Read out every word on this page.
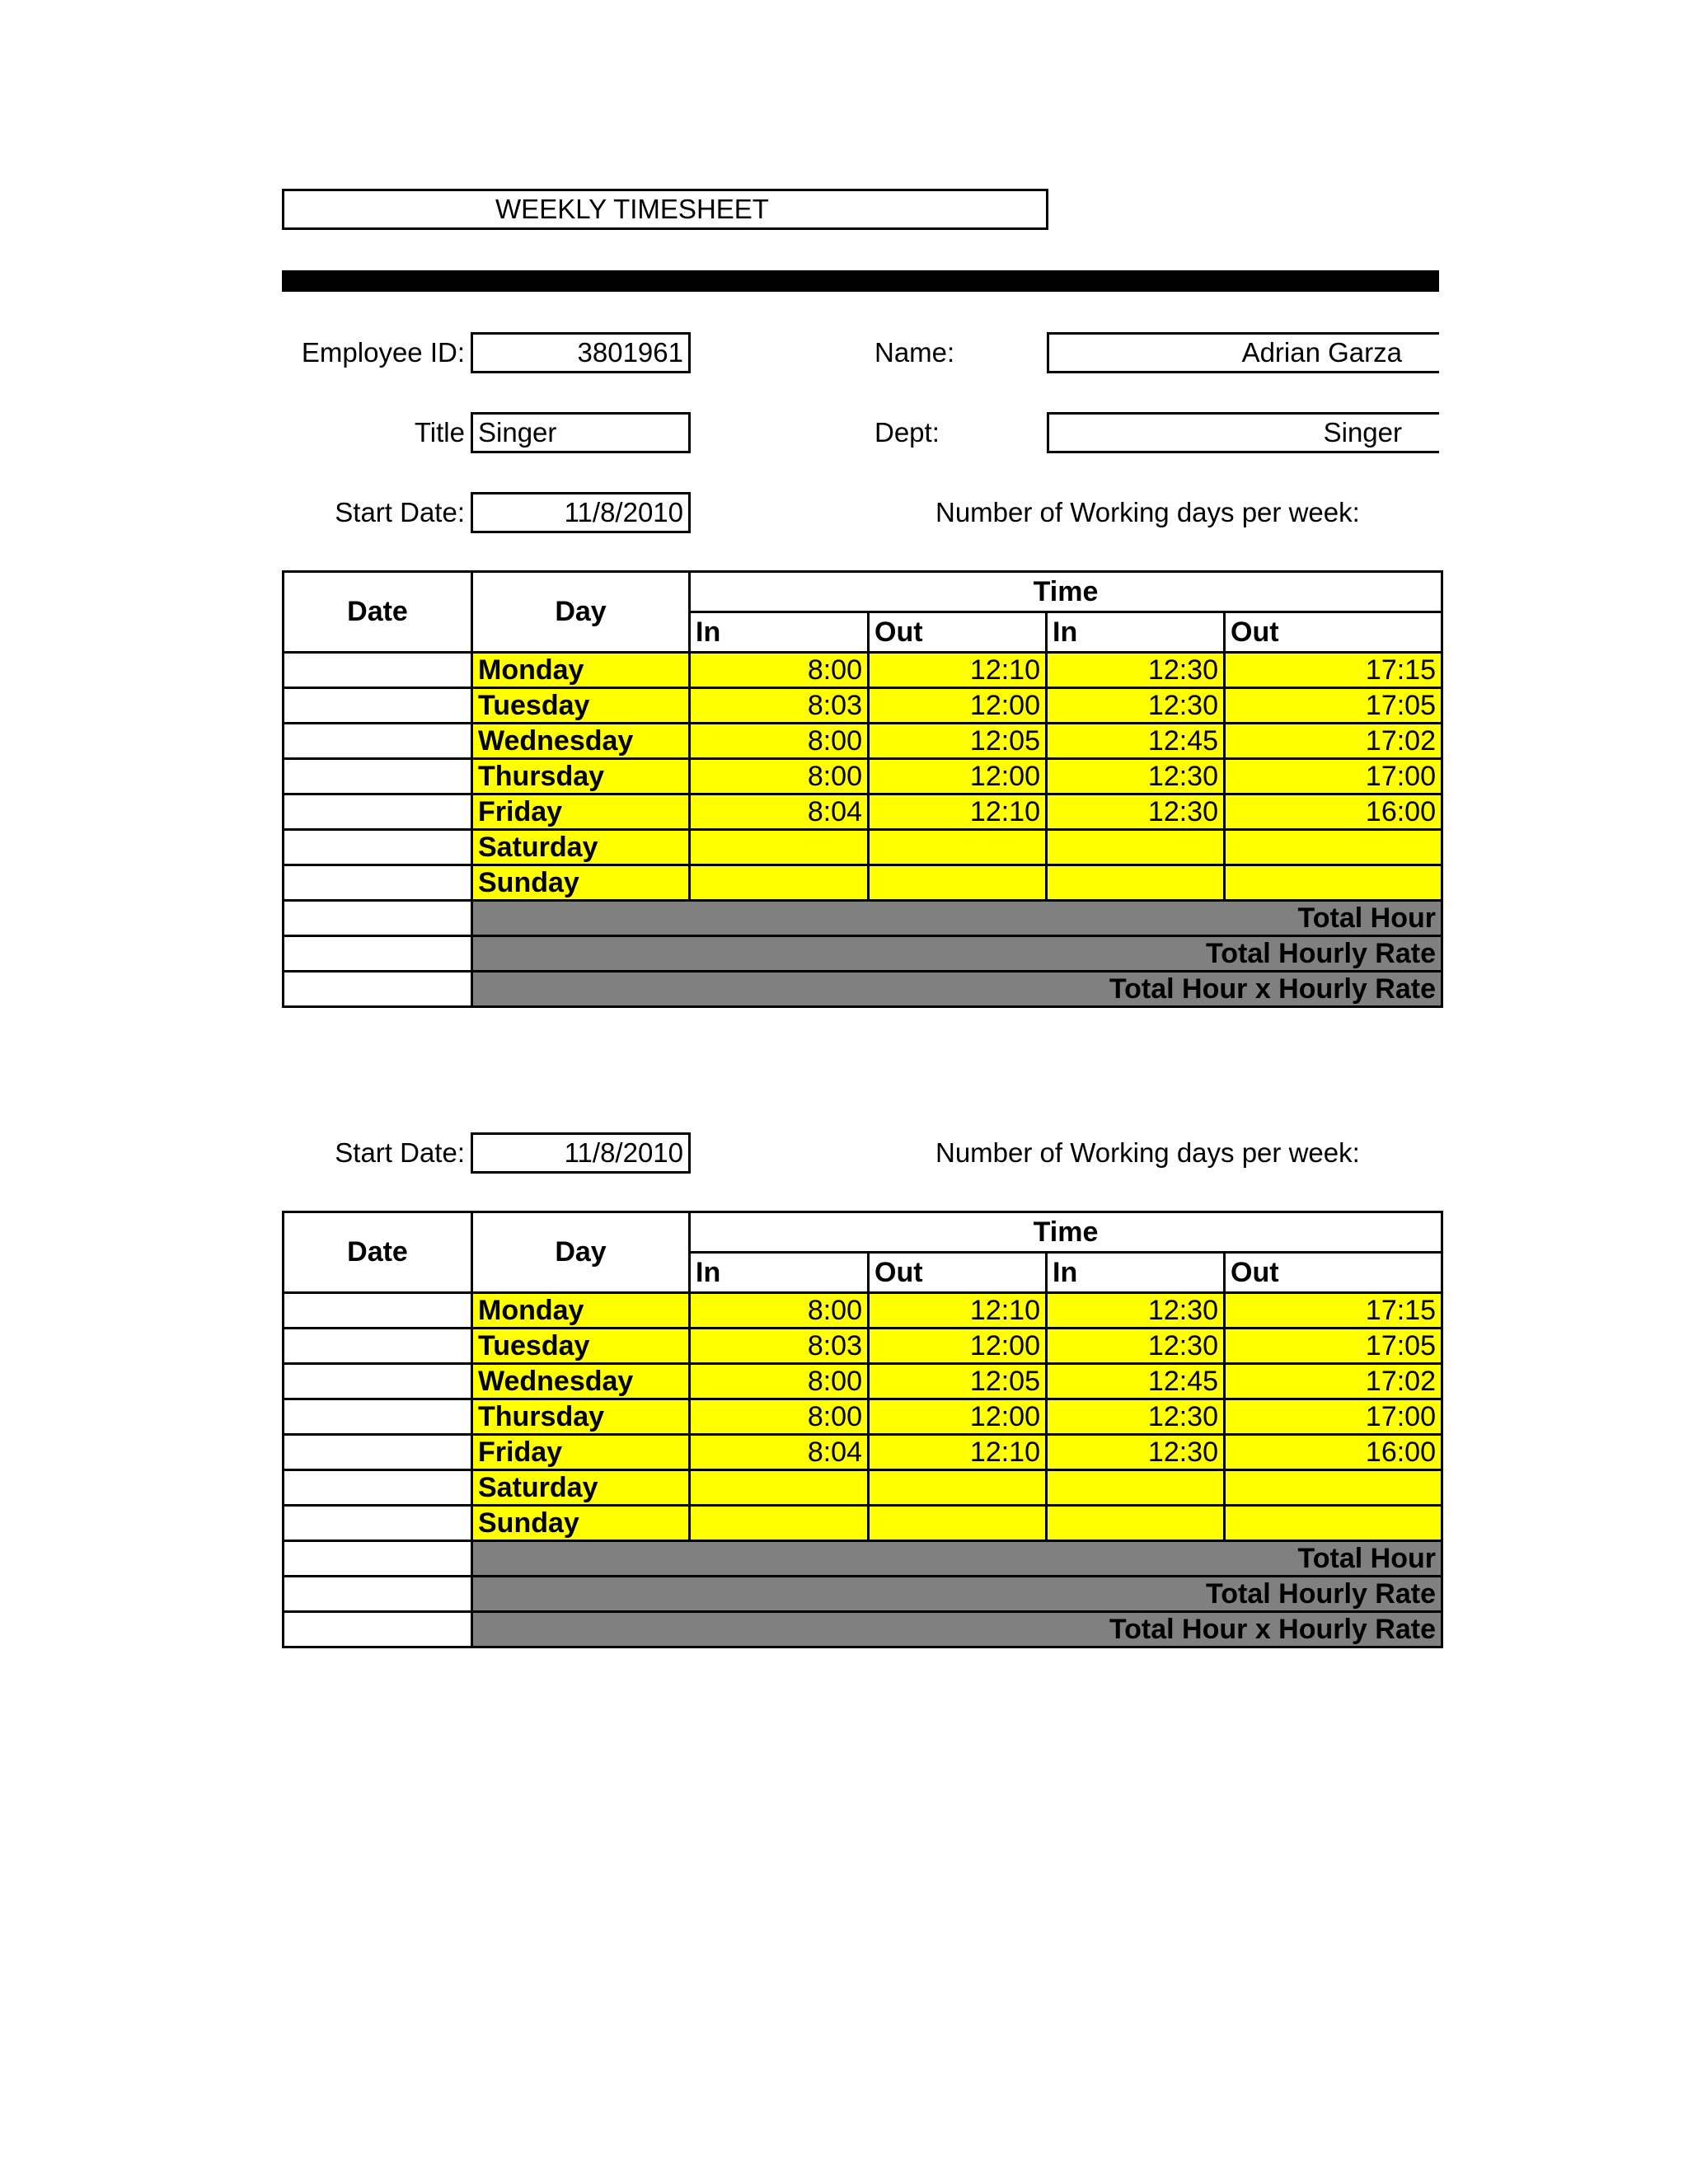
WEEKLY TIMESHEET
Employee ID:	3801961	Name:	Adrian Garza
Title Singer	Dept:	Singer
Start Date:	11/8/2010	Number of Working days per week:
Date	Day	Time			
		In	Out	In	Out
	Monday	8:00	12:10	12:30	17:15
	Tuesday	8:03	12:00	12:30	17:05
	Wednesday	8:00	12:05	12:45	17:02
	Thursday	8:00	12:00	12:30	17:00
	Friday	8:04	12:10	12:30	16:00
	Saturday				
	Sunday				
	Total Hour				
	Total Hourly Rate				
	Total Hour x Hourly Rate				
Start Date:	11/8/2010	Number of Working days per week:
Date	Day	Time			
		In	Out	In	Out
	Monday	8:00	12:10	12:30	17:15
	Tuesday	8:03	12:00	12:30	17:05
	Wednesday	8:00	12:05	12:45	17:02
	Thursday	8:00	12:00	12:30	17:00
	Friday	8:04	12:10	12:30	16:00
	Saturday				
	Sunday				
	Total Hour				
	Total Hourly Rate				
	Total Hour x Hourly Rate				
